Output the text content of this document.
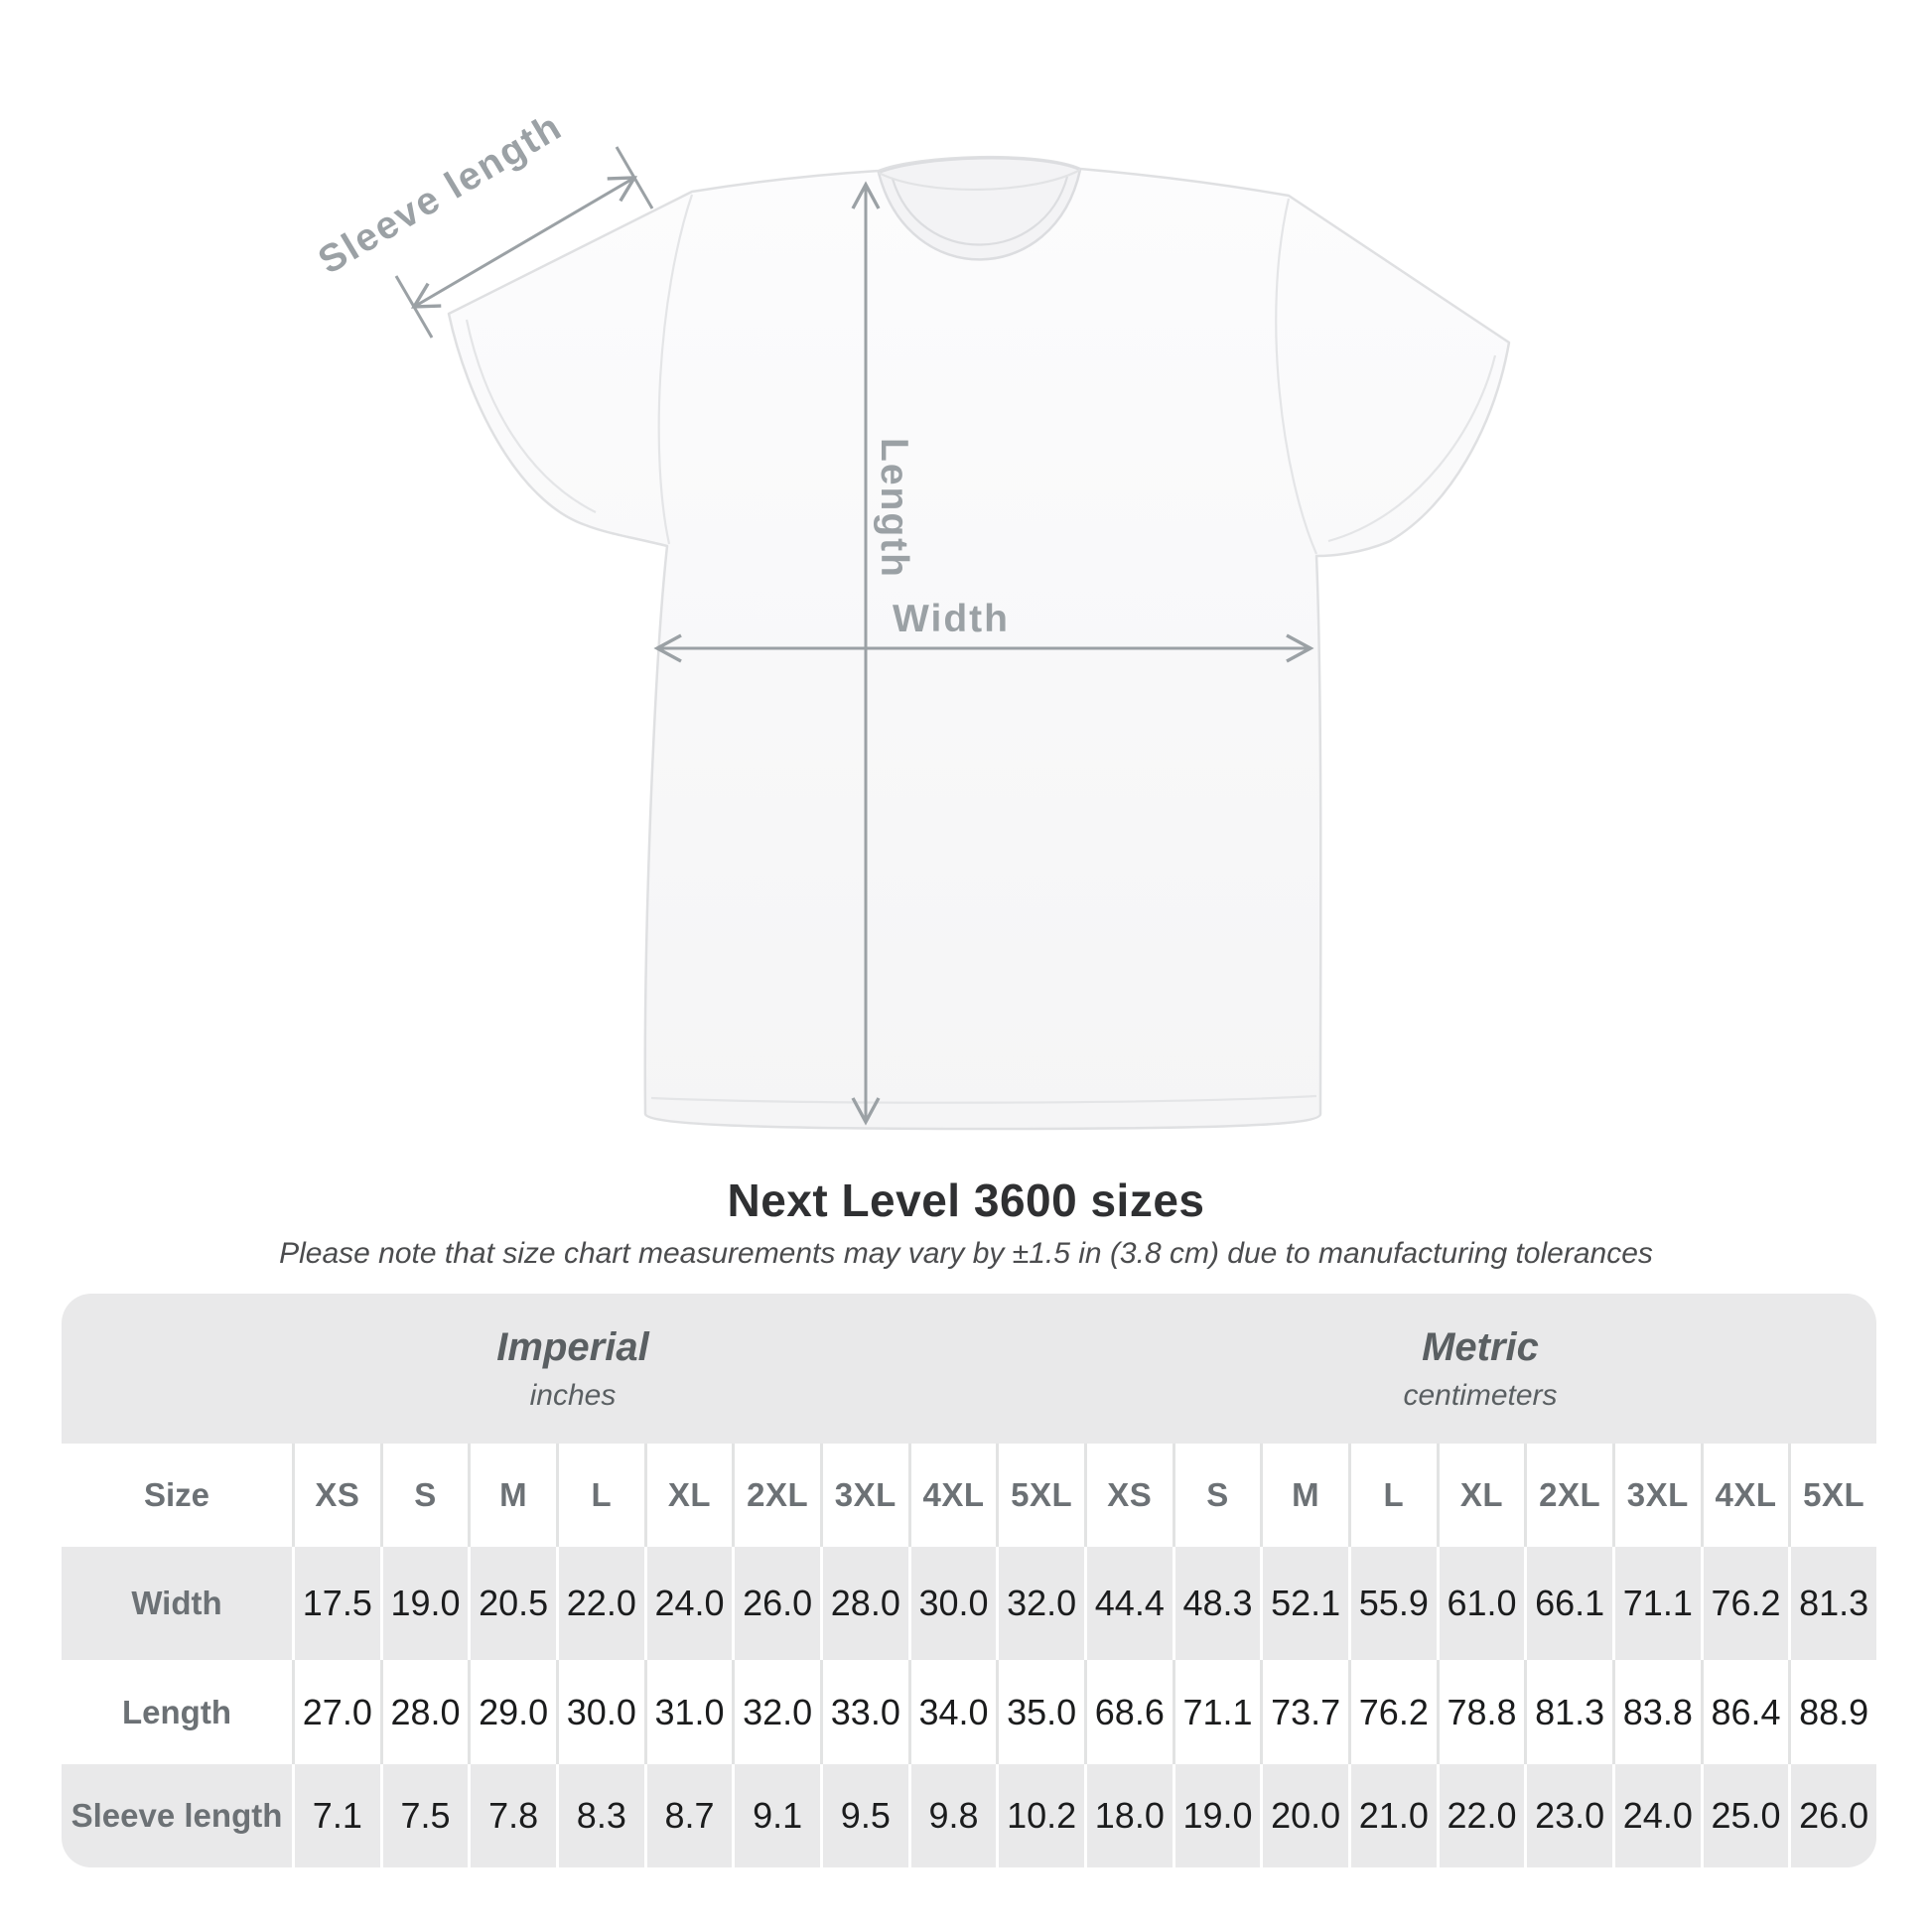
Sleeve length
Length
Width
Next Level 3600 sizes
Please note that size chart measurements may vary by ±1.5 in (3.8 cm) due to manufacturing tolerances
Imperial
inches
Metric
centimeters
Size	XS	S	M	L	XL	2XL 3XL 4XL 5XL	XS	S	M	L	XL	2XL 3XL 4XL 5XL
Width	17.5 19.0 20.5 22.0 24.0 26.0 28.0 30.0 32.0 44.4 48.3 52.1 55.9 61.0 66.1 71.1 76.2 81.3
Length	27.0 28.0 29.0 30.0 31.0 32.0 33.0 34.0 35.0 68.6 71.1 73.7 76.2 78.8 81.3 83.8 86.4 88.9
Sleeve length 7.1	7.5	7.8	8.3	8.7	9.1	9.5	9.8 10.2 18.0 19.0 20.0 21.0 22.0 23.0 24.0 25.0 26.0
